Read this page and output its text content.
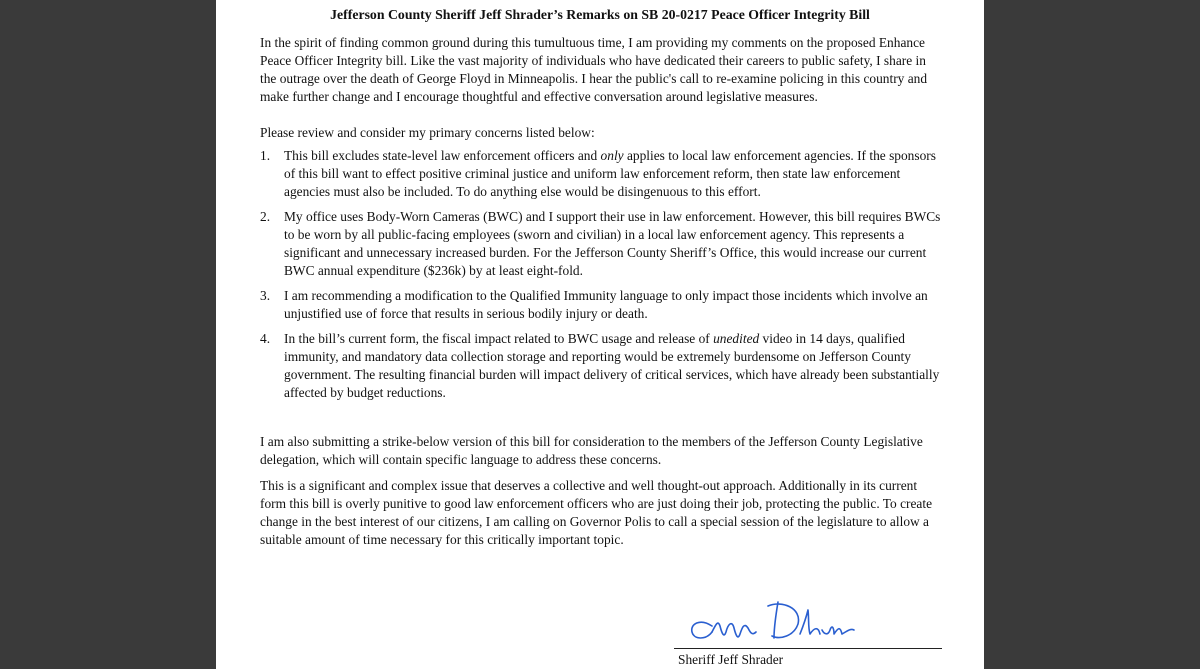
Jefferson County Sheriff Jeff Shrader’s Remarks on SB 20-0217 Peace Officer Integrity Bill

In the spirit of finding common ground during this tumultuous time, I am providing my comments on the proposed Enhance Peace Officer Integrity bill. Like the vast majority of individuals who have dedicated their careers to public safety, I share in the outrage over the death of George Floyd in Minneapolis. I hear the public's call to re-examine policing in this country and make further change and I encourage thoughtful and effective conversation around legislative measures.

Please review and consider my primary concerns listed below:

1. This bill excludes state-level law enforcement officers and only applies to local law enforcement agencies. If the sponsors of this bill want to effect positive criminal justice and uniform law enforcement reform, then state law enforcement agencies must also be included. To do anything else would be disingenuous to this effort.
2. My office uses Body-Worn Cameras (BWC) and I support their use in law enforcement. However, this bill requires BWCs to be worn by all public-facing employees (sworn and civilian) in a local law enforcement agency. This represents a significant and unnecessary increased burden. For the Jefferson County Sheriff’s Office, this would increase our current BWC annual expenditure ($236k) by at least eight-fold.
3. I am recommending a modification to the Qualified Immunity language to only impact those incidents which involve an unjustified use of force that results in serious bodily injury or death.
4. In the bill’s current form, the fiscal impact related to BWC usage and release of unedited video in 14 days, qualified immunity, and mandatory data collection storage and reporting would be extremely burdensome on Jefferson County government. The resulting financial burden will impact delivery of critical services, which have already been substantially affected by budget reductions.

I am also submitting a strike-below version of this bill for consideration to the members of the Jefferson County Legislative delegation, which will contain specific language to address these concerns.

This is a significant and complex issue that deserves a collective and well thought-out approach. Additionally in its current form this bill is overly punitive to good law enforcement officers who are just doing their job, protecting the public. To create change in the best interest of our citizens, I am calling on Governor Polis to call a special session of the legislature to allow a suitable amount of time necessary for this critically important topic.

Sheriff Jeff Shrader
